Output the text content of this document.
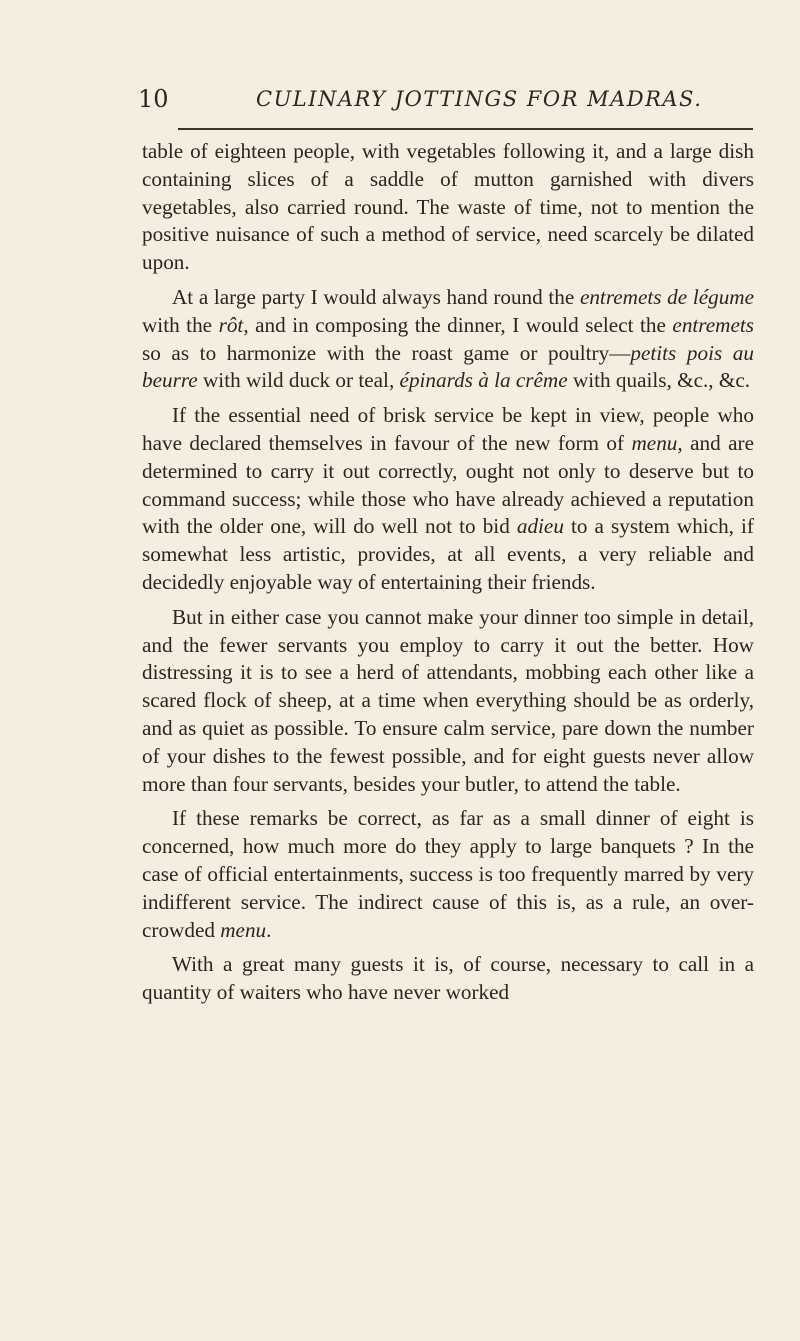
10	CULINARY JOTTINGS FOR MADRAS.

table of eighteen people, with vegetables following it, and a large dish containing slices of a saddle of mutton garnished with divers vegetables, also carried round. The waste of time, not to mention the positive nuisance of such a method of service, need scarcely be dilated upon.

At a large party I would always hand round the entremets de légume with the rôt, and in composing the dinner, I would select the entremets so as to harmonize with the roast game or poultry—petits pois au beurre with wild duck or teal, épinards à la crême with quails, &c., &c.

If the essential need of brisk service be kept in view, people who have declared themselves in favour of the new form of menu, and are determined to carry it out correctly, ought not only to deserve but to command success; while those who have already achieved a reputation with the older one, will do well not to bid adieu to a system which, if somewhat less artistic, provides, at all events, a very reliable and decidedly enjoyable way of entertaining their friends.

But in either case you cannot make your dinner too simple in detail, and the fewer servants you employ to carry it out the better. How distressing it is to see a herd of attendants, mobbing each other like a scared flock of sheep, at a time when everything should be as orderly, and as quiet as possible. To ensure calm service, pare down the number of your dishes to the fewest possible, and for eight guests never allow more than four servants, besides your butler, to attend the table.

If these remarks be correct, as far as a small dinner of eight is concerned, how much more do they apply to large banquets ? In the case of official entertainments, success is too frequently marred by very indifferent service. The indirect cause of this is, as a rule, an over-crowded menu.

With a great many guests it is, of course, necessary to call in a quantity of waiters who have never worked
